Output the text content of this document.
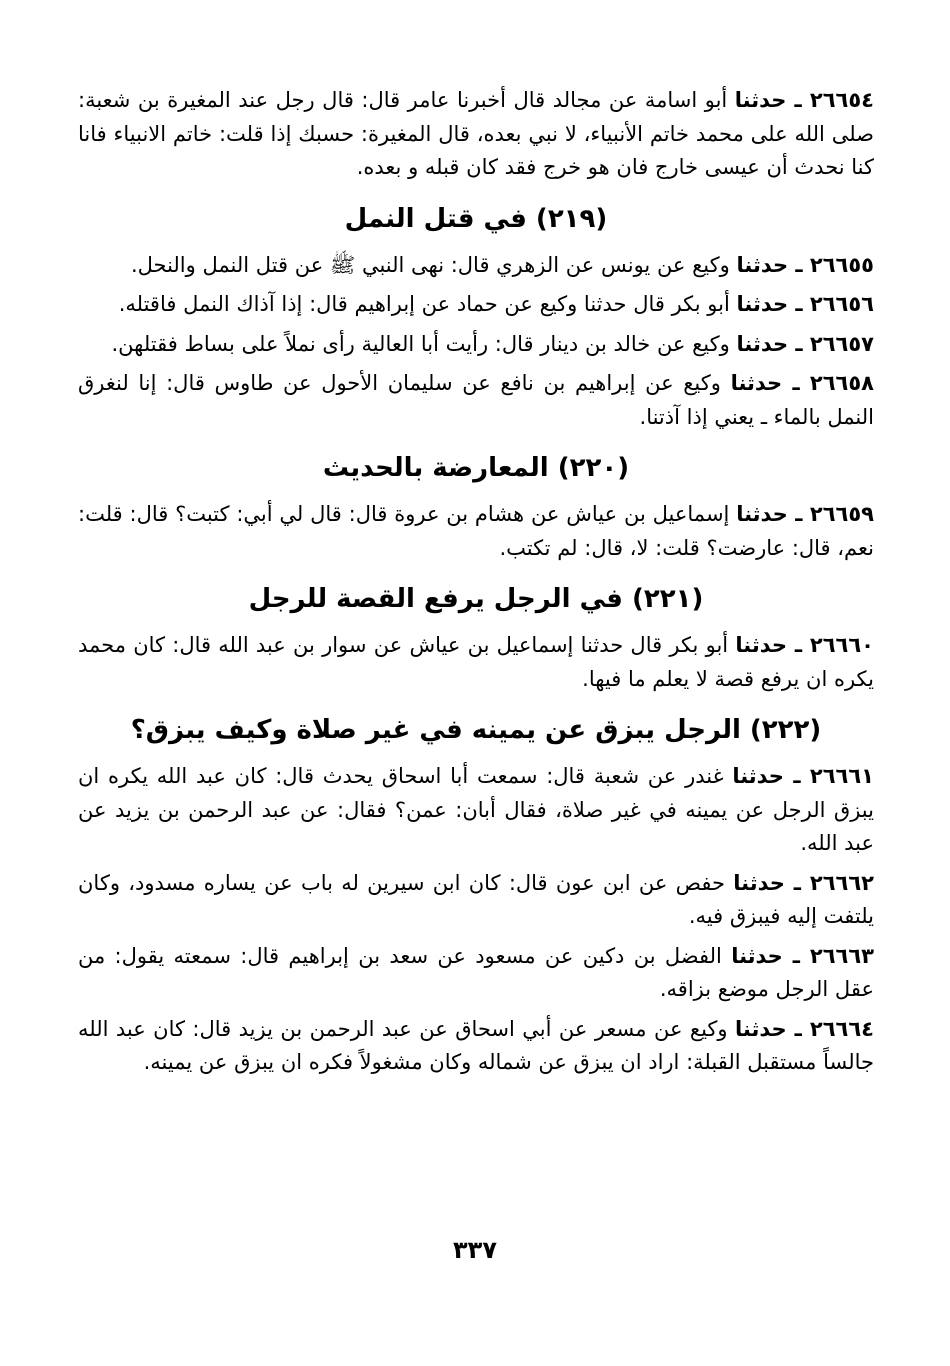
٢٦٦٥٤ ـ حدثنا أبو اسامة عن مجالد قال أخبرنا عامر قال: قال رجل عند المغيرة بن شعبة: صلى الله على محمد خاتم الأنبياء، لا نبي بعده، قال المغيرة: حسبك إذا قلت: خاتم الانبياء فانا كنا نحدث أن عيسى خارج فان هو خرج فقد كان قبله و بعده.

(٢١٩) في قتل النمل

٢٦٦٥٥ ـ حدثنا وكيع عن يونس عن الزهري قال: نهى النبي ﷺ عن قتل النمل والنحل.

٢٦٦٥٦ ـ حدثنا أبو بكر قال حدثنا وكيع عن حماد عن إبراهيم قال: إذا آذاك النمل فاقتله.

٢٦٦٥٧ ـ حدثنا وكيع عن خالد بن دينار قال: رأيت أبا العالية رأى نملاً على بساط فقتلهن.

٢٦٦٥٨ ـ حدثنا وكيع عن إبراهيم بن نافع عن سليمان الأحول عن طاوس قال: إنا لنغرق النمل بالماء ـ يعني إذا آذتنا.

(٢٢٠) المعارضة بالحديث

٢٦٦٥٩ ـ حدثنا إسماعيل بن عياش عن هشام بن عروة قال: قال لي أبي: كتبت؟ قال: قلت: نعم، قال: عارضت؟ قلت: لا، قال: لم تكتب.

(٢٢١) في الرجل يرفع القصة للرجل

٢٦٦٦٠ ـ حدثنا أبو بكر قال حدثنا إسماعيل بن عياش عن سوار بن عبد الله قال: كان محمد يكره ان يرفع قصة لا يعلم ما فيها.

(٢٢٢) الرجل يبزق عن يمينه في غير صلاة وكيف يبزق؟

٢٦٦٦١ ـ حدثنا غندر عن شعبة قال: سمعت أبا اسحاق يحدث قال: كان عبد الله يكره ان يبزق الرجل عن يمينه في غير صلاة، فقال أبان: عمن؟ فقال: عن عبد الرحمن بن يزيد عن عبد الله.

٢٦٦٦٢ ـ حدثنا حفص عن ابن عون قال: كان ابن سيرين له باب عن يساره مسدود، وكان يلتفت إليه فيبزق فيه.

٢٦٦٦٣ ـ حدثنا الفضل بن دكين عن مسعود عن سعد بن إبراهيم قال: سمعته يقول: من عقل الرجل موضع بزاقه.

٢٦٦٦٤ ـ حدثنا وكيع عن مسعر عن أبي اسحاق عن عبد الرحمن بن يزيد قال: كان عبد الله جالساً مستقبل القبلة: اراد ان يبزق عن شماله وكان مشغولاً فكره ان يبزق عن يمينه.

٣٣٧
